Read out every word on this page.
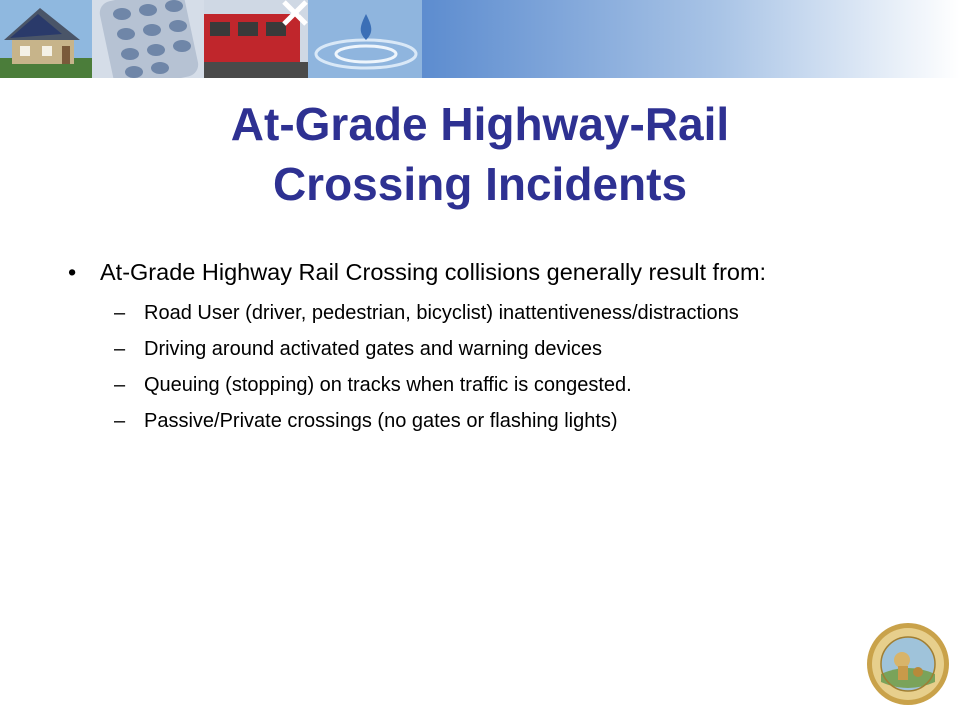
At-Grade Highway-Rail
Crossing Incidents
• At-Grade Highway Rail Crossing collisions generally result from:
– Road User (driver, pedestrian, bicyclist) inattentiveness/distractions
– Driving around activated gates and warning devices
– Queuing (stopping) on tracks when traffic is congested.
– Passive/Private crossings (no gates or flashing lights)
